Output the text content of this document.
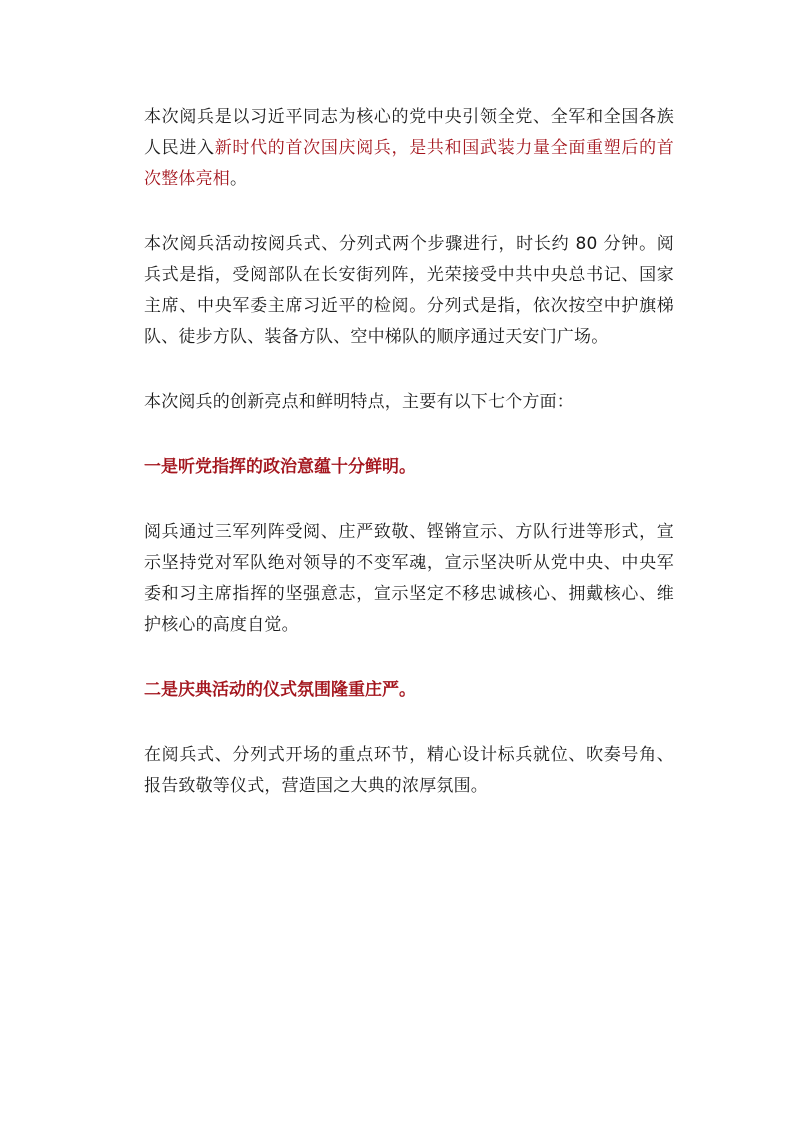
本次阅兵是以习近平同志为核心的党中央引领全党、全军和全国各族人民进入新时代的首次国庆阅兵，是共和国武装力量全面重塑后的首次整体亮相。

本次阅兵活动按阅兵式、分列式两个步骤进行，时长约 80 分钟。阅兵式是指，受阅部队在长安街列阵，光荣接受中共中央总书记、国家主席、中央军委主席习近平的检阅。分列式是指，依次按空中护旗梯队、徒步方队、装备方队、空中梯队的顺序通过天安门广场。

本次阅兵的创新亮点和鲜明特点，主要有以下七个方面：

一是听党指挥的政治意蕴十分鲜明。

阅兵通过三军列阵受阅、庄严致敬、铿锵宣示、方队行进等形式，宣示坚持党对军队绝对领导的不变军魂，宣示坚决听从党中央、中央军委和习主席指挥的坚强意志，宣示坚定不移忠诚核心、拥戴核心、维护核心的高度自觉。

二是庆典活动的仪式氛围隆重庄严。

在阅兵式、分列式开场的重点环节，精心设计标兵就位、吹奏号角、报告致敬等仪式，营造国之大典的浓厚氛围。
